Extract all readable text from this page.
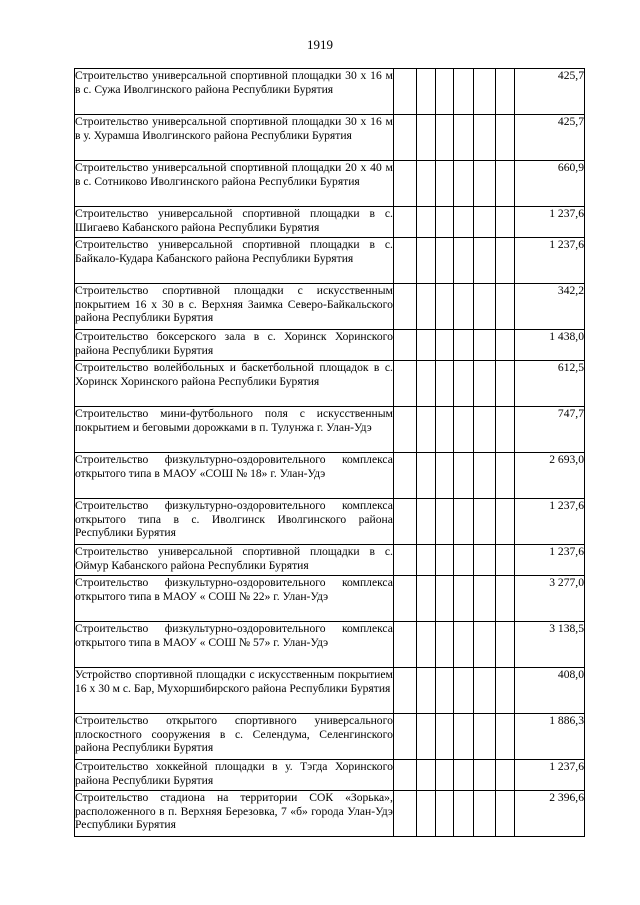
1919
Строительство универсальной спортивной площадки 30 х 16 м в с. Сужа Иволгинского района Республики Бурятия							425,7

Строительство универсальной спортивной площадки 30 х 16 м в у. Хурамша Иволгинского района Республики Бурятия							425,7

Строительство универсальной спортивной площадки 20 х 40 м в с. Сотниково Иволгинского района Республики Бурятия							660,9

Строительство универсальной спортивной площадки в с. Шигаево Кабанского района Республики Бурятия							1 237,6

Строительство универсальной спортивной площадки в с. Байкало-Кудара Кабанского района Республики Бурятия							1 237,6

Строительство спортивной площадки с искусственным покрытием 16 х 30 в с. Верхняя Заимка Северо-Байкальского района Республики Бурятия							342,2

Строительство боксерского зала в с. Хоринск Хоринского района Республики Бурятия							1 438,0

Строительство волейбольных и баскетбольной площадок в с. Хоринск Хоринского района Республики Бурятия							612,5

Строительство мини-футбольного поля с искусственным покрытием и беговыми дорожками в п. Тулунжа г. Улан-Удэ							747,7

Строительство физкультурно-оздоровительного комплекса открытого типа в МАОУ «СОШ № 18» г. Улан-Удэ							2 693,0

Строительство физкультурно-оздоровительного комплекса открытого типа в с. Иволгинск Иволгинского района Республики Бурятия							1 237,6

Строительство универсальной спортивной площадки в с. Оймур Кабанского района Республики Бурятия							1 237,6

Строительство физкультурно-оздоровительного комплекса открытого типа в МАОУ « СОШ № 22» г. Улан-Удэ							3 277,0

Строительство физкультурно-оздоровительного комплекса открытого типа в МАОУ « СОШ № 57» г. Улан-Удэ							3 138,5

Устройство спортивной площадки с искусственным покрытием 16 х 30 м с. Бар, Мухоршибирского района Республики Бурятия							408,0

Строительство открытого спортивного универсального плоскостного сооружения в с. Селендума, Селенгинского района Республики Бурятия							1 886,3

Строительство хоккейной площадки в у. Тэгда Хоринского района Республики Бурятия							1 237,6

Строительство стадиона на территории СОК «Зорька», расположенного в п. Верхняя Березовка, 7 «б» города Улан-Удэ Республики Бурятия							2 396,6
